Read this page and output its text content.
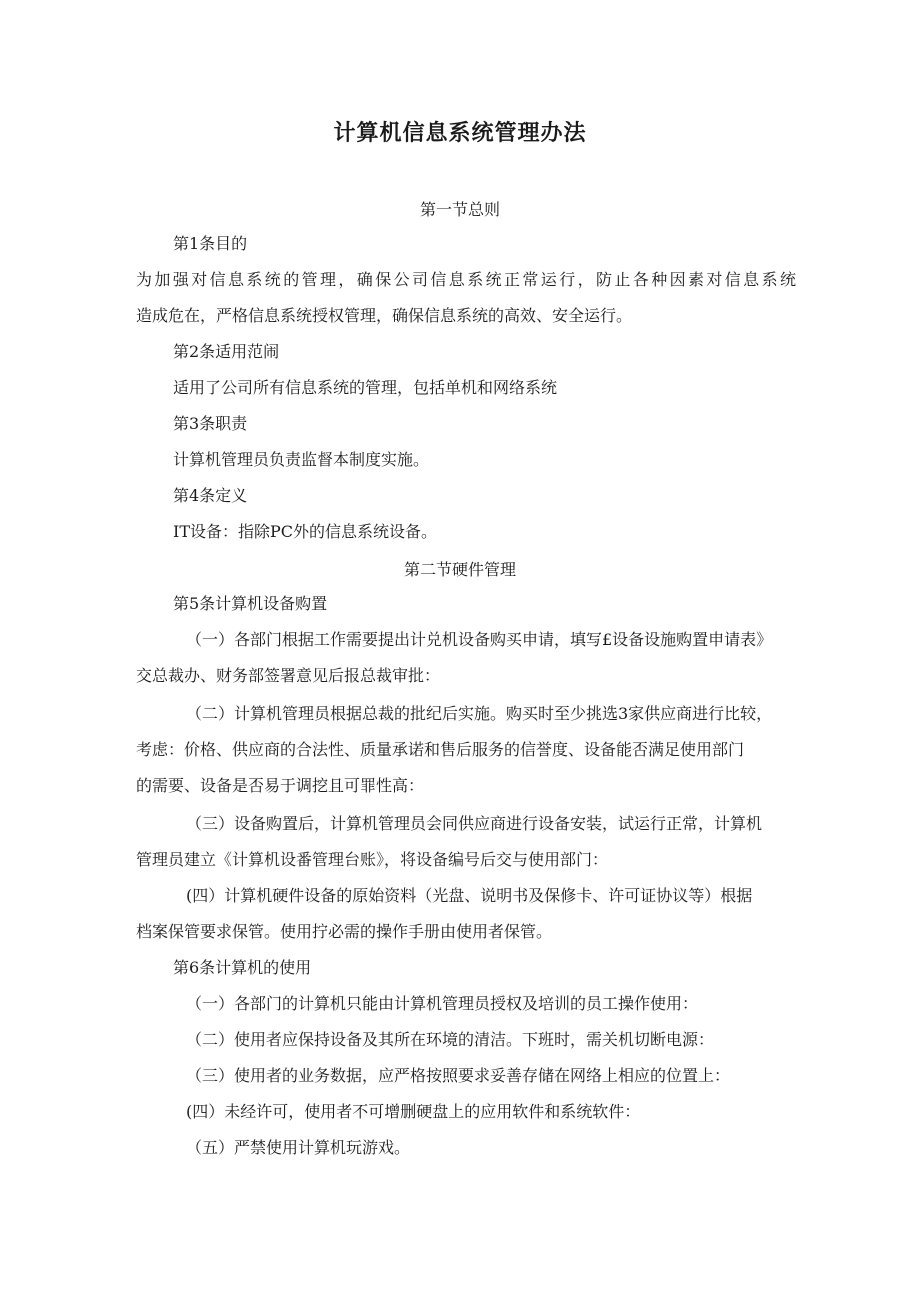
计算机信息系统管理办法
第一节总则
第1条目的
为加强对信息系统的管理，确保公司信息系统正常运行，防止各种因素对信息系统
造成危在，严格信息系统授权管理，确保信息系统的高效、安全运行。
第2条适用范闹
适用了公司所有信息系统的管理，包括单机和网络系统
第3条职责
计算机管理员负责监督本制度实施。
第4条定义
IT设备：指除PC外的信息系统设备。
第二节硬件管理
第5条计算机设备购置
（一）各部门根据工作需要提出计兑机设备购买申请，填写£设备设施购置申请表》
交总裁办、财务部签署意见后报总裁审批：
（二）计算机管理员根据总裁的批纪后实施。购买时至少挑选3家供应商进行比较，
考虑：价格、供应商的合法性、质量承诺和售后服务的信誉度、设备能否满足使用部门
的需要、设备是否易于调挖且可罪性高：
（三）设备购置后，计算机管理员会同供应商进行设备安装，试运行正常，计算机
管理员建立《计算机设番管理台账》，将设备编号后交与使用部门：
(四）计算机硬件设备的原始资料（光盘、说明书及保修卡、许可证协议等）根据
档案保管要求保管。使用拧必需的操作手册由使用者保管。
第6条计算机的使用
（一）各部门的计算机只能由计算机管理员授权及培训的员工操作使用：
（二）使用者应保持设备及其所在环境的清洁。下班时，需关机切断电源：
（三）使用者的业务数据，应严格按照要求妥善存储在网络上相应的位置上：
(四）未经许可，使用者不可增删硬盘上的应用软件和系统软件：
（五）严禁使用计算机玩游戏。
